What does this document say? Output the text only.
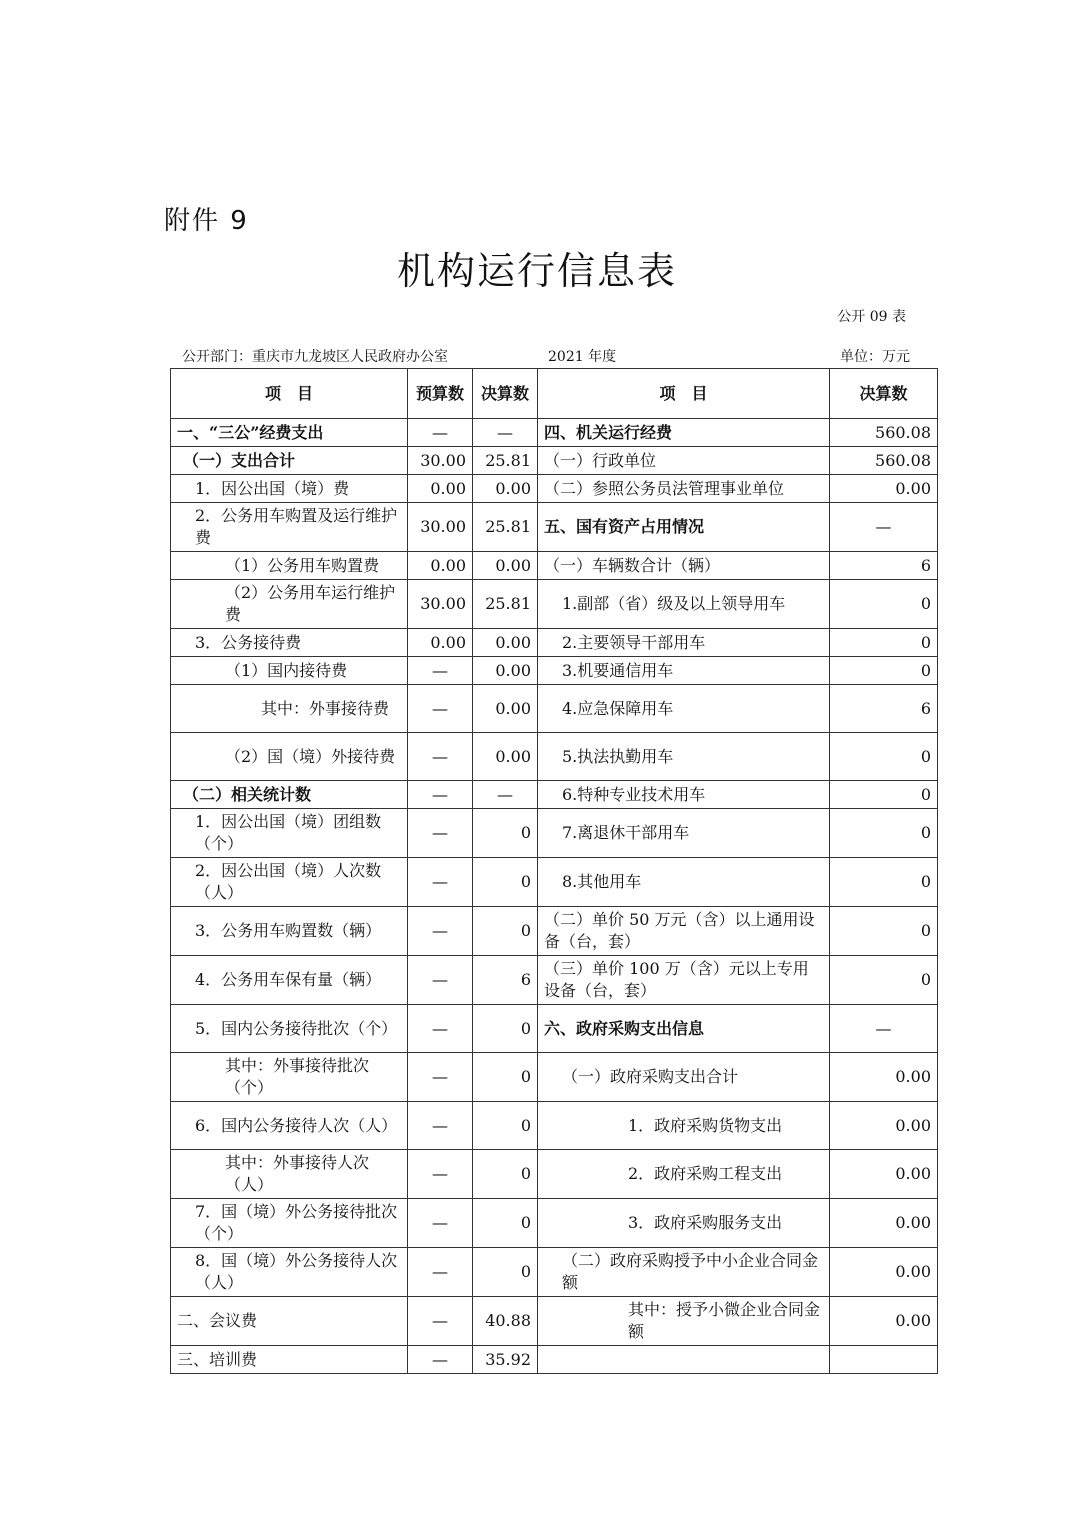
附件 9
机构运行信息表
公开 09 表
公开部门：重庆市九龙坡区人民政府办公室	2021 年度	单位：万元
项　目	预算数	决算数	项　目	决算数
一、“三公”经费支出	—	—	四、机关运行经费	560.08
（一）支出合计	30.00	25.81	（一）行政单位	560.08
1．因公出国（境）费	0.00	0.00	（二）参照公务员法管理事业单位	0.00
2．公务用车购置及运行维护费	30.00	25.81	五、国有资产占用情况	—
（1）公务用车购置费	0.00	0.00	（一）车辆数合计（辆）	6
（2）公务用车运行维护费	30.00	25.81	1.副部（省）级及以上领导用车	0
3．公务接待费	0.00	0.00	2.主要领导干部用车	0
（1）国内接待费	—	0.00	3.机要通信用车	0
其中：外事接待费	—	0.00	4.应急保障用车	6
（2）国（境）外接待费	—	0.00	5.执法执勤用车	0
（二）相关统计数	—	—	6.特种专业技术用车	0
1．因公出国（境）团组数（个）	—	0	7.离退休干部用车	0
2．因公出国（境）人次数（人）	—	0	8.其他用车	0
3．公务用车购置数（辆）	—	0	（二）单价 50 万元（含）以上通用设备（台，套）	0
4．公务用车保有量（辆）	—	6	（三）单价 100 万（含）元以上专用设备（台，套）	0
5．国内公务接待批次（个）	—	0	六、政府采购支出信息	—
其中：外事接待批次（个）	—	0	（一）政府采购支出合计	0.00
6．国内公务接待人次（人）	—	0	1．政府采购货物支出	0.00
其中：外事接待人次（人）	—	0	2．政府采购工程支出	0.00
7．国（境）外公务接待批次（个）	—	0	3．政府采购服务支出	0.00
8．国（境）外公务接待人次（人）	—	0	（二）政府采购授予中小企业合同金额	0.00
二、会议费	—	40.88	其中：授予小微企业合同金额	0.00
三、培训费	—	35.92		
